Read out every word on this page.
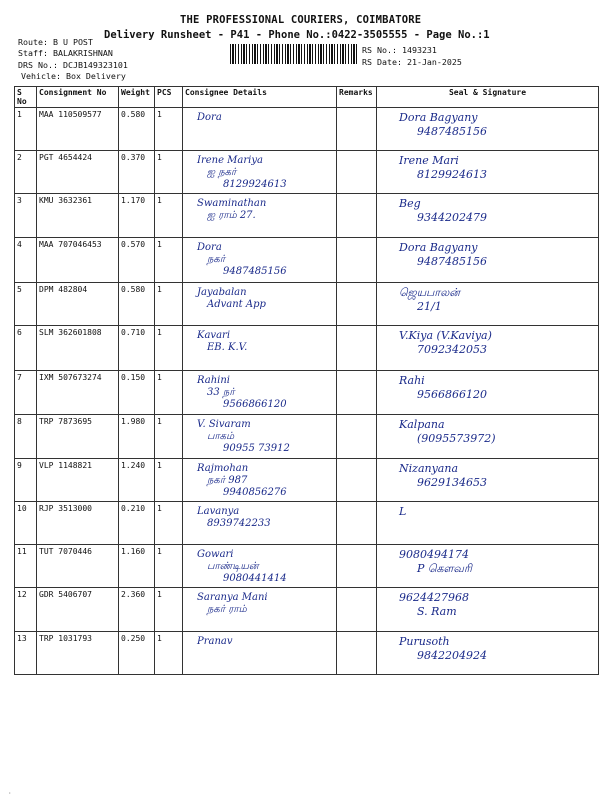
THE PROFESSIONAL COURIERS, COIMBATORE
Delivery Runsheet - P41 - Phone No.:0422-3505555 - Page No.:1
Route: B U POST
Staff: BALAKRISHNAN
DRS No.: DCJB149323101
Vehicle: Box Delivery
RS No.: 1493231
RS Date: 21-Jan-2025
S No	Consignment No	Weight	PCS	Consignee Details	Remarks	Seal & Signature
1	MAA 110509577	0.580	1	Dora		Dora Bagyany
9487485156

2	PGT 4654424	0.370	1	Irene Mariya
ஐ நகர்
8129924613		Irene Mari
8129924613

3	KMU 3632361	1.170	1	Swaminathan
ஐ ராம் 27.		Beg
9344202479

4	MAA 707046453	0.570	1	Dora
நகர்
9487485156		Dora Bagyany
9487485156

5	DPM 482804	0.580	1	Jayabalan
Advant App		ஜெயபாலன்
21/1

6	SLM 362601808	0.710	1	Kavari
EB. K.V.		V.Kiya (V.Kaviya)
7092342053

7	IXM 507673274	0.150	1	Rahini
33 நர்
9566866120		Rahi
9566866120

8	TRP 7873695	1.980	1	V. Sivaram
பாகம்
90955 73912		Kalpana
(9095573972)

9	VLP 1148821	1.240	1	Rajmohan
நகர் 987
9940856276		Nizanyana
9629134653

10	RJP 3513000	0.210	1	Lavanya
8939742233		L

11	TUT 7070446	1.160	1	Gowari
பாண்டியன்
9080441414		9080494174
P கௌவரி

12	GDR 5406707	2.360	1	Saranya Mani
நகர் ராம்		9624427968
S. Ram

13	TRP 1031793	0.250	1	Pranav		Purusoth
9842204924
·
